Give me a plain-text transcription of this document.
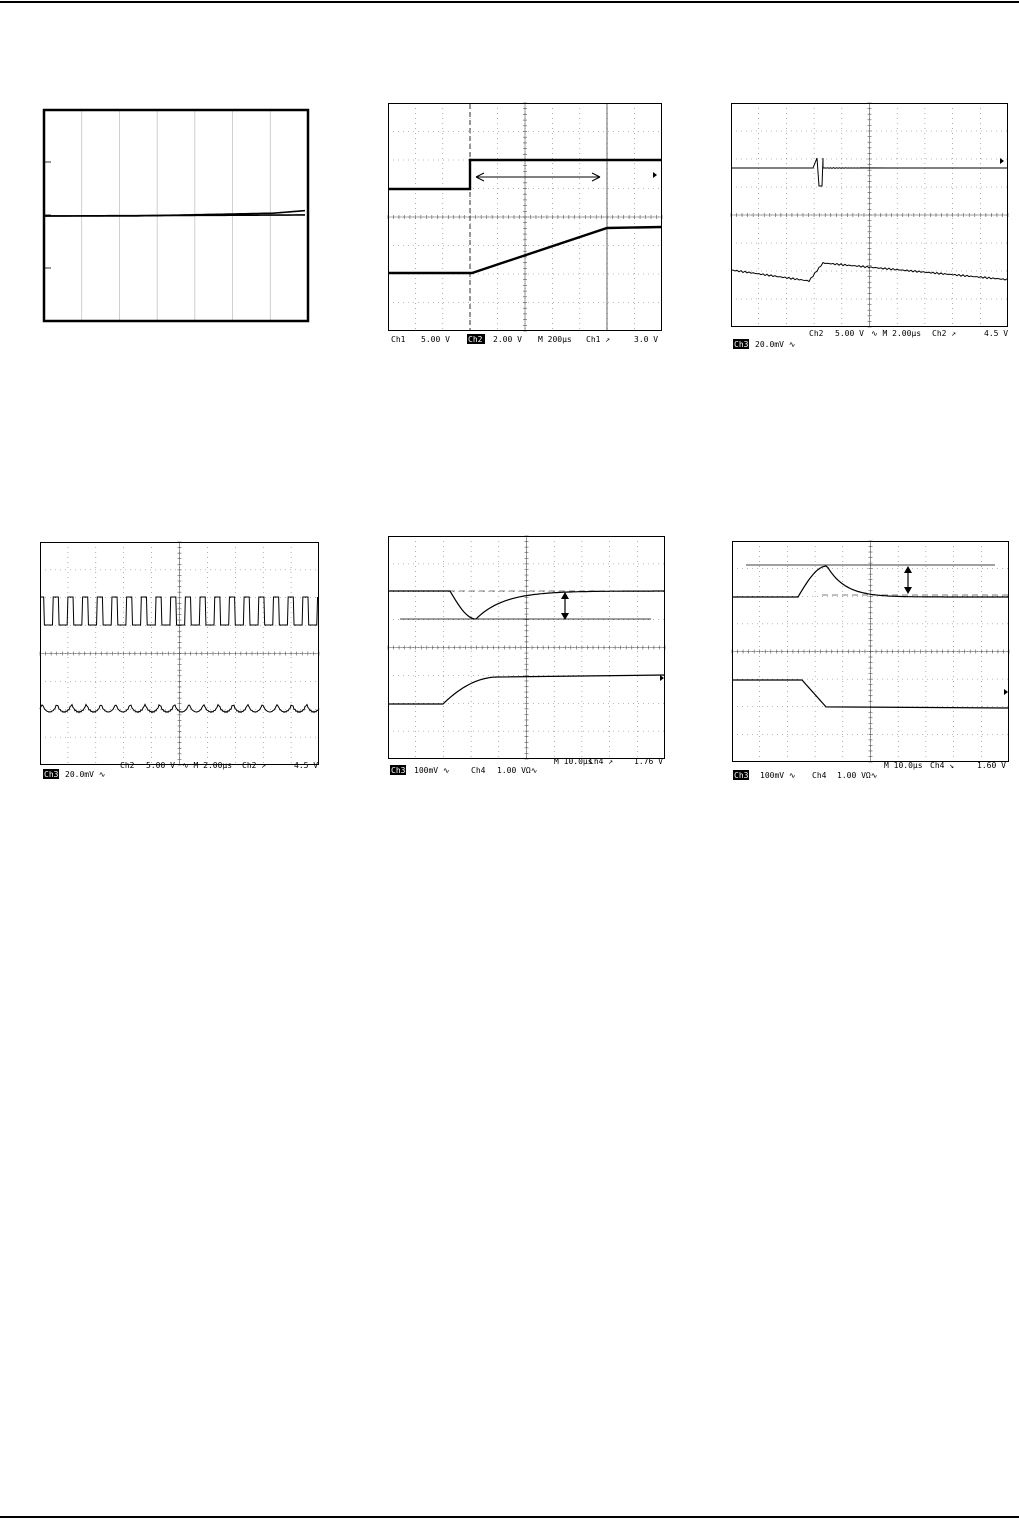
Ch1 5.00 V Ch2 2.00 V M 200µs Ch1 ↗	3.0 V
Ch2 5.00 V ∿ M 2.00µs Ch2 ↗	4.5 V
Ch3 20.0mV ∿
Ch2 5.00 V ∿ M 2.00µs Ch2 ↗	4.5 V
Ch3 20.0mV ∿
M 10.0µs
Ch4 ↗	1.76 V
Ch3 100mV ∿	Ch4 1.00 VΩ∿
M 10.0µs Ch4 ↘	1.60 V
Ch3 100mV ∿ Ch4 1.00 VΩ∿
